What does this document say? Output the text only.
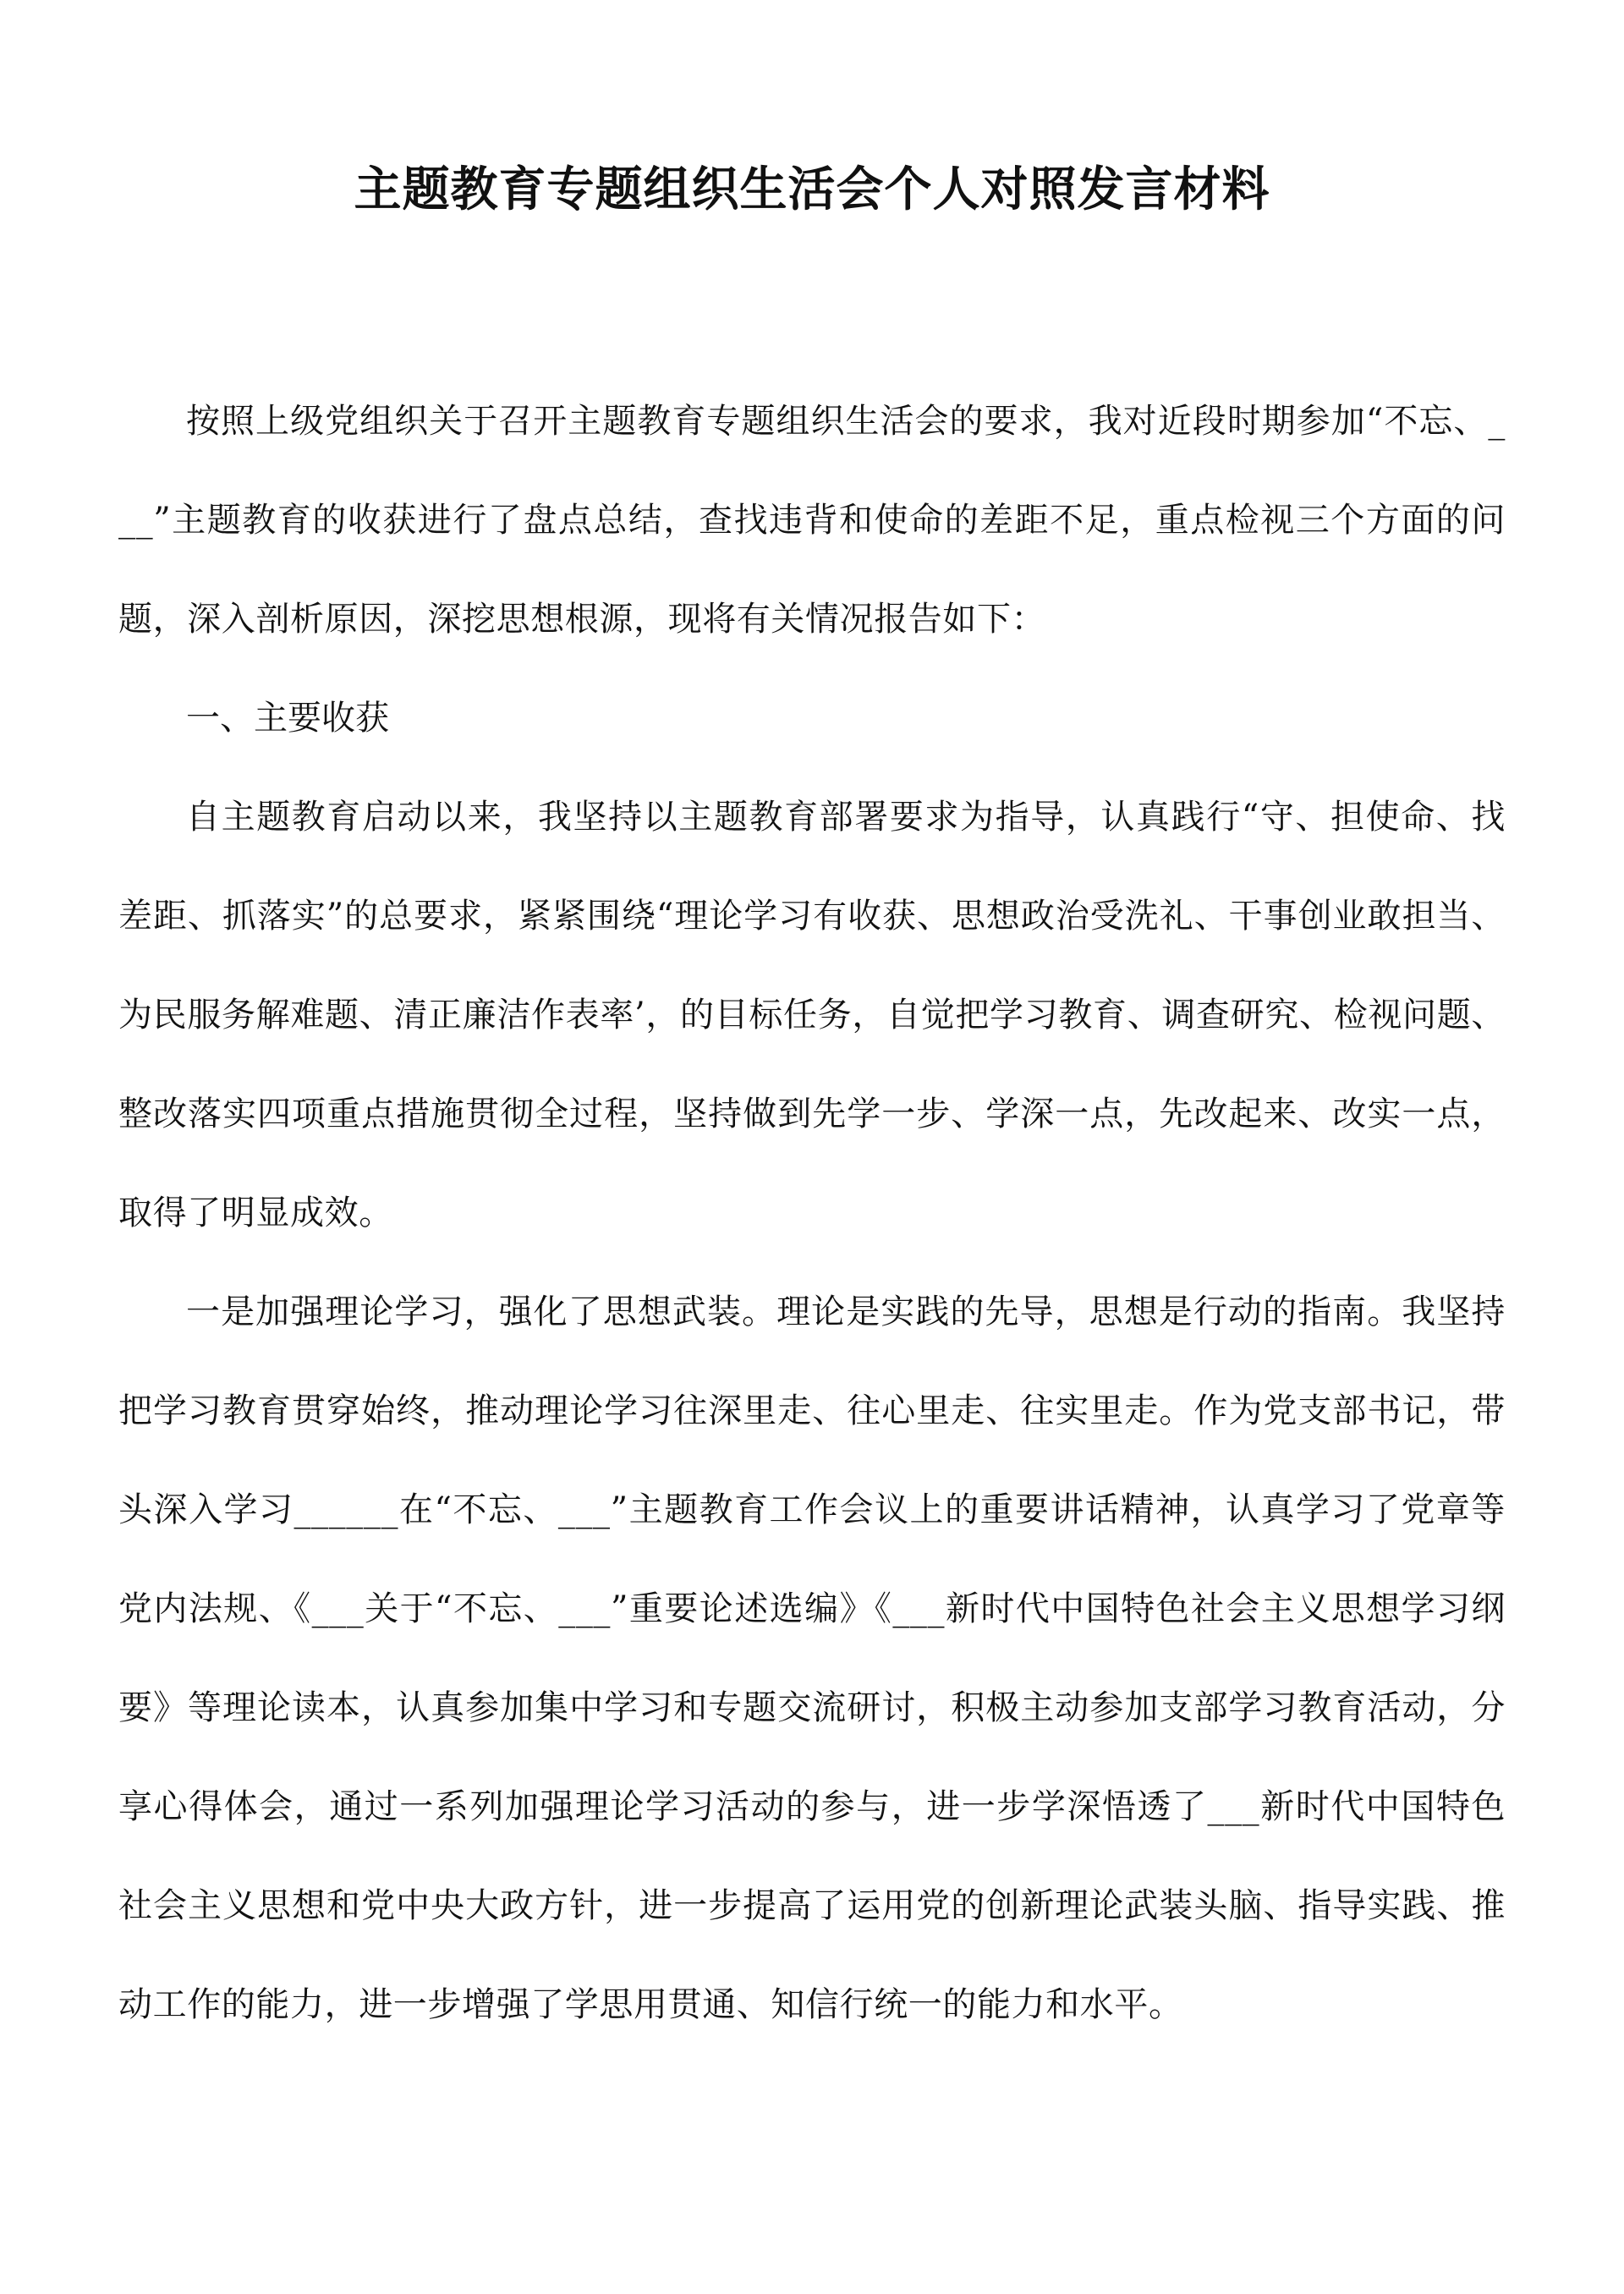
主题教育专题组织生活会个人对照发言材料

按照上级党组织关于召开主题教育专题组织生活会的要求，我对近段时期参加“不忘、___”主题教育的收获进行了盘点总结，查找违背和使命的差距不足，重点检视三个方面的问题，深入剖析原因，深挖思想根源，现将有关情况报告如下：

一、主要收获

自主题教育启动以来，我坚持以主题教育部署要求为指导，认真践行“守、担使命、找差距、抓落实”的总要求，紧紧围绕“理论学习有收获、思想政治受洗礼、干事创业敢担当、为民服务解难题、清正廉洁作表率’，的目标任务，自觉把学习教育、调查研究、检视问题、整改落实四项重点措施贯彻全过程，坚持做到先学一步、学深一点，先改起来、改实一点，取得了明显成效。

一是加强理论学习，强化了思想武装。理论是实践的先导，思想是行动的指南。我坚持把学习教育贯穿始终，推动理论学习往深里走、往心里走、往实里走。作为党支部书记，带头深入学习______在“不忘、___”主题教育工作会议上的重要讲话精神，认真学习了党章等党内法规、《___关于“不忘、___”重要论述选编》《___新时代中国特色社会主义思想学习纲要》等理论读本，认真参加集中学习和专题交流研讨，积极主动参加支部学习教育活动，分享心得体会，通过一系列加强理论学习活动的参与，进一步学深悟透了___新时代中国特色社会主义思想和党中央大政方针，进一步提高了运用党的创新理论武装头脑、指导实践、推动工作的能力，进一步增强了学思用贯通、知信行统一的能力和水平。
